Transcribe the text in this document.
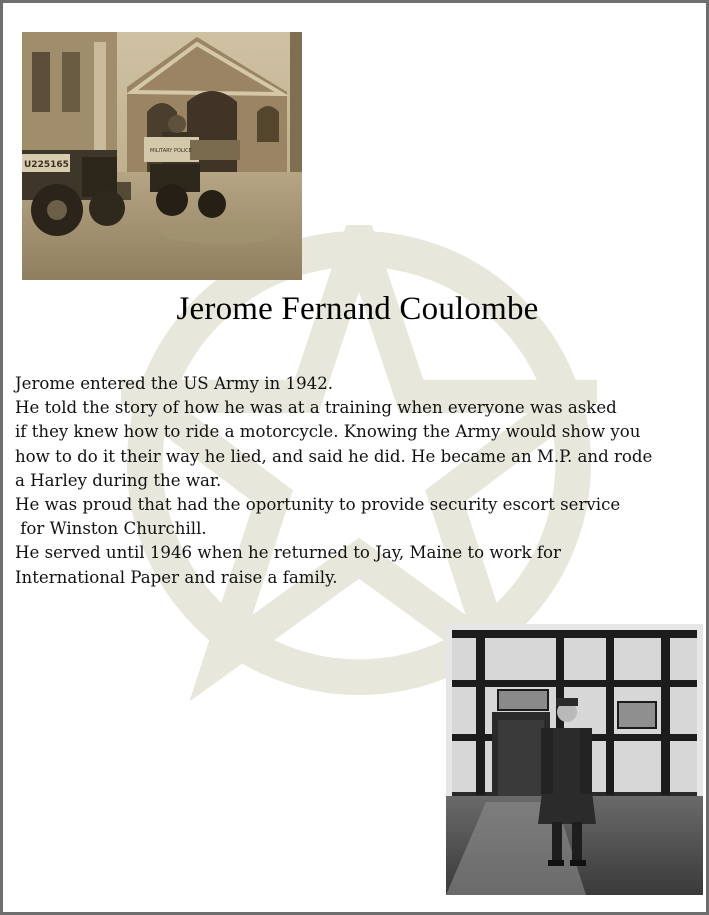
U225165
MILITARY POLICE
Jerome Fernand Coulombe
Jerome entered the US Army in 1942.
He told the story of how he was at a training when everyone was asked
if they knew how to ride a motorcycle. Knowing the Army would show you
how to do it their way he lied, and said he did. He became an M.P. and rode
a Harley during the war.
He was proud that had the oportunity to provide security escort service
for Winston Churchill.
He served until 1946 when he returned to Jay, Maine to work for
International Paper and raise a family.
